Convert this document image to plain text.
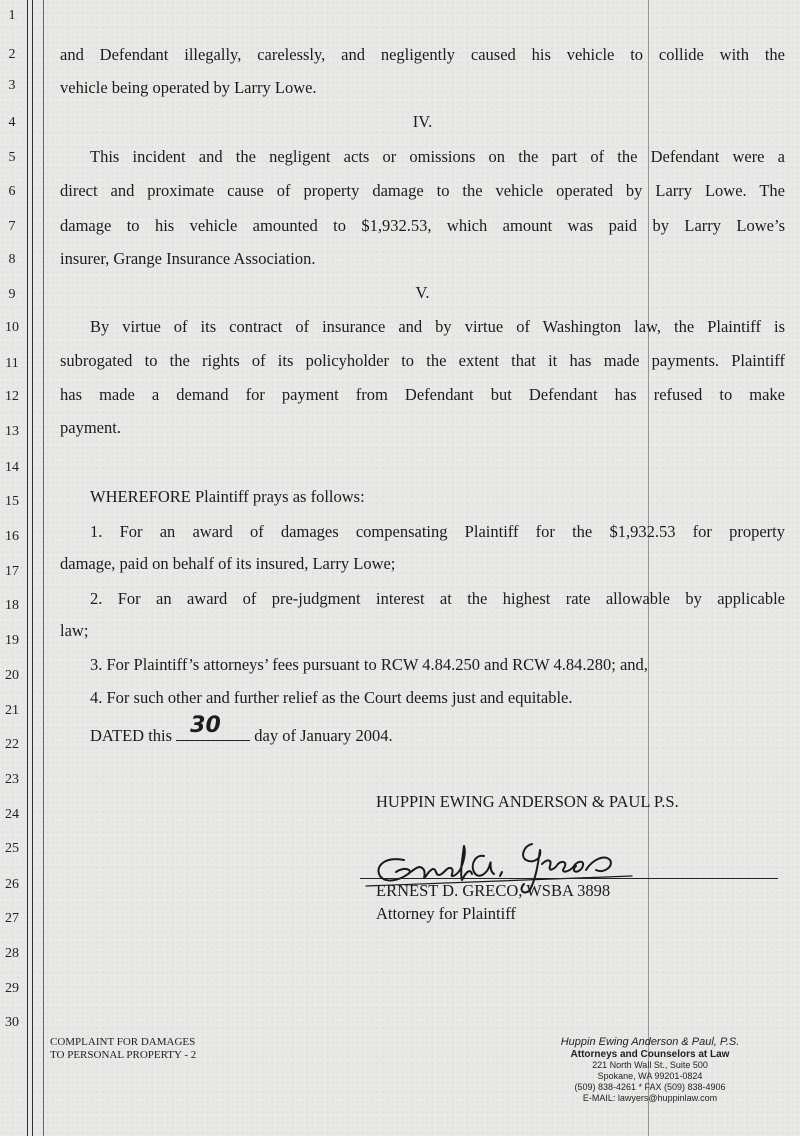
1
2
3
4
5
6
7
8
9
10
11
12
13
14
15
16
17
18
19
20
21
22
23
24
25
26
27
28
29
30

and Defendant illegally, carelessly, and negligently caused his vehicle to collide with the

vehicle being operated by Larry Lowe.

IV.

This incident and the negligent acts or omissions on the part of the Defendant were a

direct and proximate cause of property damage to the vehicle operated by Larry Lowe. The

damage to his vehicle amounted to $1,932.53, which amount was paid by Larry Lowe’s

insurer, Grange Insurance Association.

V.

By virtue of its contract of insurance and by virtue of Washington law, the Plaintiff is

subrogated to the rights of its policyholder to the extent that it has made payments. Plaintiff

has made a demand for payment from Defendant but Defendant has refused to make

payment.

WHEREFORE Plaintiff prays as follows:

1. For an award of damages compensating Plaintiff for the $1,932.53 for property

damage, paid on behalf of its insured, Larry Lowe;

2. For an award of pre-judgment interest at the highest rate allowable by applicable

law;

3. For Plaintiff’s attorneys’ fees pursuant to RCW 4.84.250 and RCW 4.84.280; and,

4. For such other and further relief as the Court deems just and equitable.

DATED this 30 day of January 2004.

HUPPIN EWING ANDERSON & PAUL P.S.
ERNEST D. GRECO, WSBA 3898
Attorney for Plaintiff
COMPLAINT FOR DAMAGES
TO PERSONAL PROPERTY - 2
Huppin Ewing Anderson & Paul, P.S.
Attorneys and Counselors at Law
221 North Wall St., Suite 500
Spokane, WA 99201-0824
(509) 838-4261 * FAX (509) 838-4906
E-MAIL: lawyers@huppinlaw.com
